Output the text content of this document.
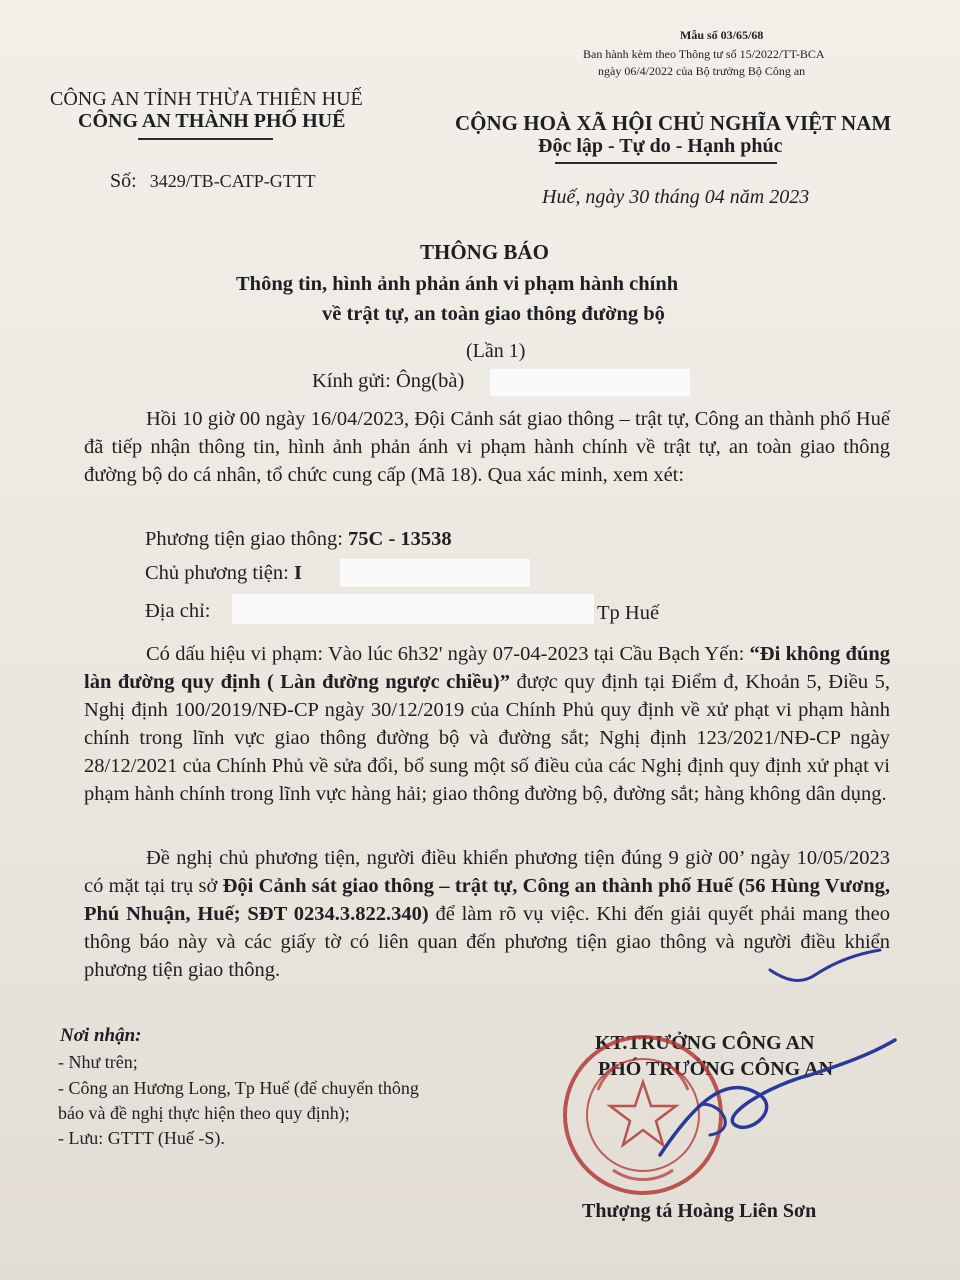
Mẫu số 03/65/68
Ban hành kèm theo Thông tư số 15/2022/TT-BCA
ngày 06/4/2022 của Bộ trưởng Bộ Công an
CÔNG AN TỈNH THỪA THIÊN HUẾ
CÔNG AN THÀNH PHỐ HUẾ
Số: 3429/TB-CATP-GTTT
CỘNG HOÀ XÃ HỘI CHỦ NGHĨA VIỆT NAM
Độc lập - Tự do - Hạnh phúc
Huế, ngày 30 tháng 04 năm 2023
THÔNG BÁO
Thông tin, hình ảnh phản ánh vi phạm hành chính
về trật tự, an toàn giao thông đường bộ
(Lần 1)
Kính gửi: Ông(bà)
Hồi 10 giờ 00 ngày 16/04/2023, Đội Cảnh sát giao thông – trật tự, Công an thành phố Huế đã tiếp nhận thông tin, hình ảnh phản ánh vi phạm hành chính về trật tự, an toàn giao thông đường bộ do cá nhân, tổ chức cung cấp (Mã 18). Qua xác minh, xem xét:
Phương tiện giao thông: 75C - 13538
Chủ phương tiện: I
Địa chỉ:	Tp Huế
Có dấu hiệu vi phạm: Vào lúc 6h32' ngày 07-04-2023 tại Cầu Bạch Yến: “Đi không đúng làn đường quy định ( Làn đường ngược chiều)” được quy định tại Điểm đ, Khoản 5, Điều 5, Nghị định 100/2019/NĐ-CP ngày 30/12/2019 của Chính Phủ quy định về xử phạt vi phạm hành chính trong lĩnh vực giao thông đường bộ và đường sắt; Nghị định 123/2021/NĐ-CP ngày 28/12/2021 của Chính Phủ về sửa đổi, bổ sung một số điều của các Nghị định quy định xử phạt vi phạm hành chính trong lĩnh vực hàng hải; giao thông đường bộ, đường sắt; hàng không dân dụng.
Đề nghị chủ phương tiện, người điều khiển phương tiện đúng 9 giờ 00’ ngày 10/05/2023 có mặt tại trụ sở Đội Cảnh sát giao thông – trật tự, Công an thành phố Huế (56 Hùng Vương, Phú Nhuận, Huế; SĐT 0234.3.822.340) để làm rõ vụ việc. Khi đến giải quyết phải mang theo thông báo này và các giấy tờ có liên quan đến phương tiện giao thông và người điều khiển phương tiện giao thông.
Nơi nhận:
- Như trên;
- Công an Hương Long, Tp Huế (để chuyển thông
báo và đề nghị thực hiện theo quy định);
- Lưu: GTTT (Huế -S).
KT.TRƯỞNG CÔNG AN
PHÓ TRƯỞNG CÔNG AN
Thượng tá Hoàng Liên Sơn
